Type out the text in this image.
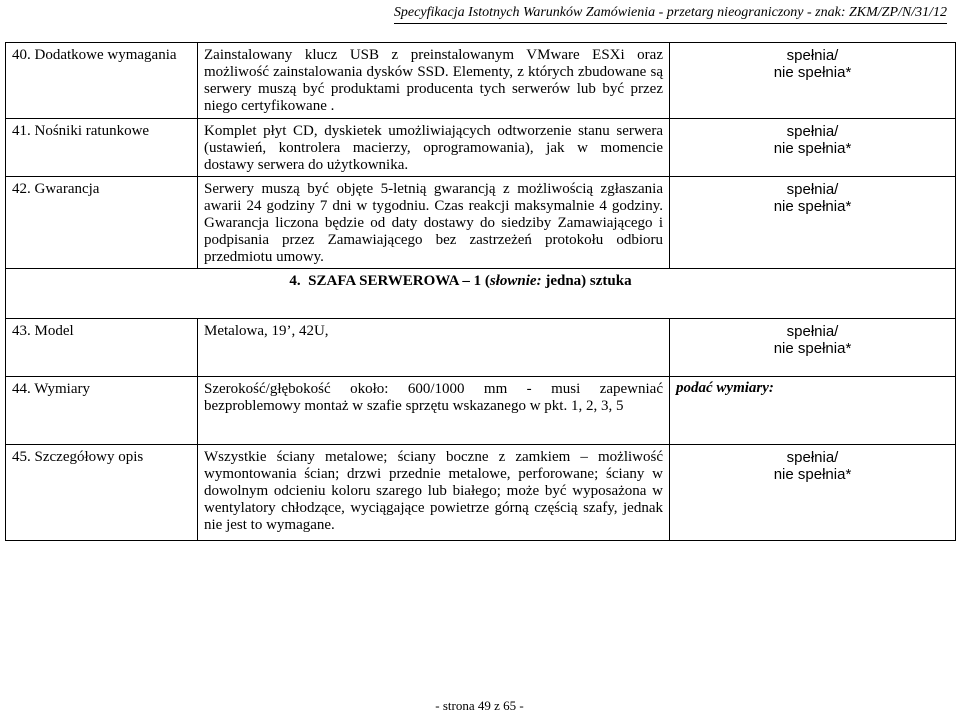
Specyfikacja Istotnych Warunków Zamówienia - przetarg nieograniczony - znak: ZKM/ZP/N/31/12
40. Dodatkowe wymagania	Zainstalowany klucz USB z preinstalowanym VMware ESXi oraz możliwość zainstalowania dysków SSD. Elementy, z których zbudowane są serwery muszą być produktami producenta tych serwerów lub być przez niego certyfikowane .	spełnia/
nie spełnia*

41. Nośniki ratunkowe	Komplet płyt CD, dyskietek umożliwiających odtworzenie stanu serwera (ustawień, kontrolera macierzy, oprogramowania), jak w momencie dostawy serwera do użytkownika.	spełnia/
nie spełnia*

42. Gwarancja	Serwery muszą być objęte 5-letnią gwarancją z możliwością zgłaszania awarii 24 godziny 7 dni w tygodniu. Czas reakcji maksymalnie 4 godziny. Gwarancja liczona będzie od daty dostawy do siedziby Zamawiającego i podpisania przez Zamawiającego bez zastrzeżeń protokołu odbioru przedmiotu umowy.	spełnia/
nie spełnia*

4. SZAFA SERWEROWA – 1 (słownie: jedna) sztuka		
43. Model	Metalowa, 19’, 42U,	spełnia/
nie spełnia*

44. Wymiary	Szerokość/głębokość około: 600/1000 mm - musi zapewniać bezproblemowy montaż w szafie sprzętu wskazanego w pkt. 1, 2, 3, 5	podać wymiary:
45. Szczegółowy opis	Wszystkie ściany metalowe; ściany boczne z zamkiem – możliwość wymontowania ścian; drzwi przednie metalowe, perforowane; ściany w dowolnym odcieniu koloru szarego lub białego; może być wyposażona w wentylatory chłodzące, wyciągające powietrze górną częścią szafy, jednak nie jest to wymagane.	spełnia/
nie spełnia*
- strona 49 z 65 -
